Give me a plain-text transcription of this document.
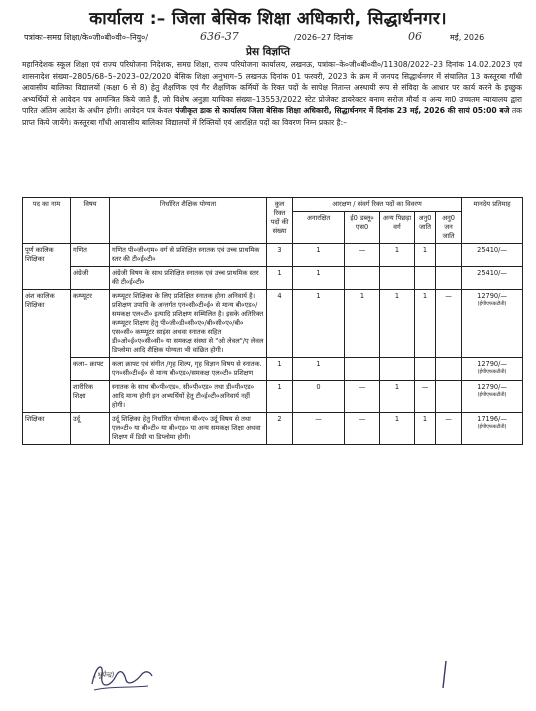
कार्यालय :– जिला बेसिक शिक्षा अधिकारी, सिद्धार्थनगर।
पत्रांकः–समग्र शिक्षा/के०जी०बी०वी०–नियु०/	636-37	/2026–27 दिनांक	06	मई, 2026
प्रेस विज्ञप्ति
महानिदेशक स्कूल शिक्षा एवं राज्य परियोजना निदेशक, समग्र शिक्षा, राज्य परियोजना कार्यालय, लखनऊ, पत्रांकः–के०जी०बी०वी०/11308/2022–23 दिनांक 14.02.2023 एवं शासनादेश संख्या–2805/68–5–2023–02/2020 बेसिक शिक्षा अनुभाग–5 लखनऊ दिनांक 01 फरवरी, 2023 के क्रम में जनपद सिद्धार्थनगर में संचालित 13 कस्तूरबा गाँधी आवासीय बालिका विद्यालयों (कक्षा 6 से 8) हेतु शैक्षणिक एवं गैर शैक्षणिक कर्मियों के रिक्त पदों के सापेक्ष नितान्त अस्थायी रूप से संविदा के आधार पर कार्य करने के इच्छुक अभ्यर्थियों से आवेदन पत्र आमन्त्रित किये जाते हैं, जो विशेष अनुज्ञा याचिका संख्या–13553/2022 स्टेट प्रोजेक्ट डायरेक्टर बनाम सरोज मौर्या व अन्य मा0 उच्चतम न्यायालय द्वारा पारित अंतिम आदेश के अधीन होगी। आवेदन पत्र केवल पंजीकृत डाक से कार्यालय जिला बेसिक शिक्षा अधिकारी, सिद्धार्थनगर में दिनांक 23 मई, 2026 की सायं 05:00 बजे तक प्राप्त किये जायेंगे। कस्तूरबा गाँधी आवासीय बालिका विद्यालयों में रिक्तियों एवं आरक्षित पदों का विवरण निम्न प्रकार है:–
पद का नाम	विषय	निर्धारित शैक्षिक योग्यता	कुल रिक्त पदों की संख्या	आरक्षण / संवर्ग रिक्त पदों का विवरण					मानदेय प्रतिमाह
				अनारक्षित	ई0 डब्लू० एस0	अन्य पिछड़ा वर्ग	अनु0 जाति	अनु0 जन जाति	
पूर्ण कालिक शिक्षिका	गणित	गणित पी०जी०एम० वर्ग से प्रशिक्षित स्नातक एवं उच्च प्राथमिक स्तर की टी०ई०टी०	3	1	—	1	1		25410/—
	अंग्रेजी	अंग्रेजी विषय के साथ प्रशिक्षित स्नातक एवं उच्च प्राथमिक स्तर की टी०ई०टी०	1	1					25410/—
अंश कालिक शिक्षिका	कम्प्यूटर	कम्प्यूटर शिक्षिका के लिए प्रशिक्षित स्नातक होना अनिवार्य है। प्रशिक्षण उपाधि के अन्तर्गत एन०सी०टी०ई० से मान्य बी०एड०/समकक्ष एल०टी० इत्यादि प्रशिक्षण सम्मिलित है। इसके अतिरिक्त कम्प्यूटर शिक्षण हेतु पी०जी०डी०सी०ए०/बी०सी०ए०/बी० एस०सी० कम्प्यूटर साइंस अथवा स्नातक सहित डी०ओ०ई०ए०सी०सी० या समकक्ष संस्था से "ओ लेवल"/ए लेवल डिप्लोमा आदि शैक्षिक योग्यता भी वांछित होगी।	4	1	1	1	1	—	12790/—
(ईपीएफकटौती)

	कला– क्राफ्ट	कला क्राफ्ट एवं संगीत /गृह शिल्प, गृह विज्ञान विषय से स्नातक. एन०सी०टी०ई० से मान्य बी०एड०/समकक्ष एल०टी० प्रशिक्षण	1	1					12790/—
(ईपीएफकटौती)

	शारीरिक शिक्षा	स्नातक के साथ बी०पी०एड०. सी०पी०एड० तथा डी०पी०एड० आदि मान्य होगी इन अभ्यर्थियों हेतु टी०ई०टी०अनिवार्य नहीं होगी।	1	0	—	1	—		12790/—
(ईपीएफकटौती)

शिक्षिका	उर्दू	उर्दू शिक्षिका हेतु निर्धारित योग्यता बी०ए० उर्दू विषय से तथा एल०टी० या बी०टी० या बी०एड० या अन्य समकक्ष शिक्षा अथवा शिक्षण में डिग्री या डिप्लोमा होगी।	2	—	—	1	1	—	17196/—
(ईपीएफकटौती)
(भूपेन्द्र)
